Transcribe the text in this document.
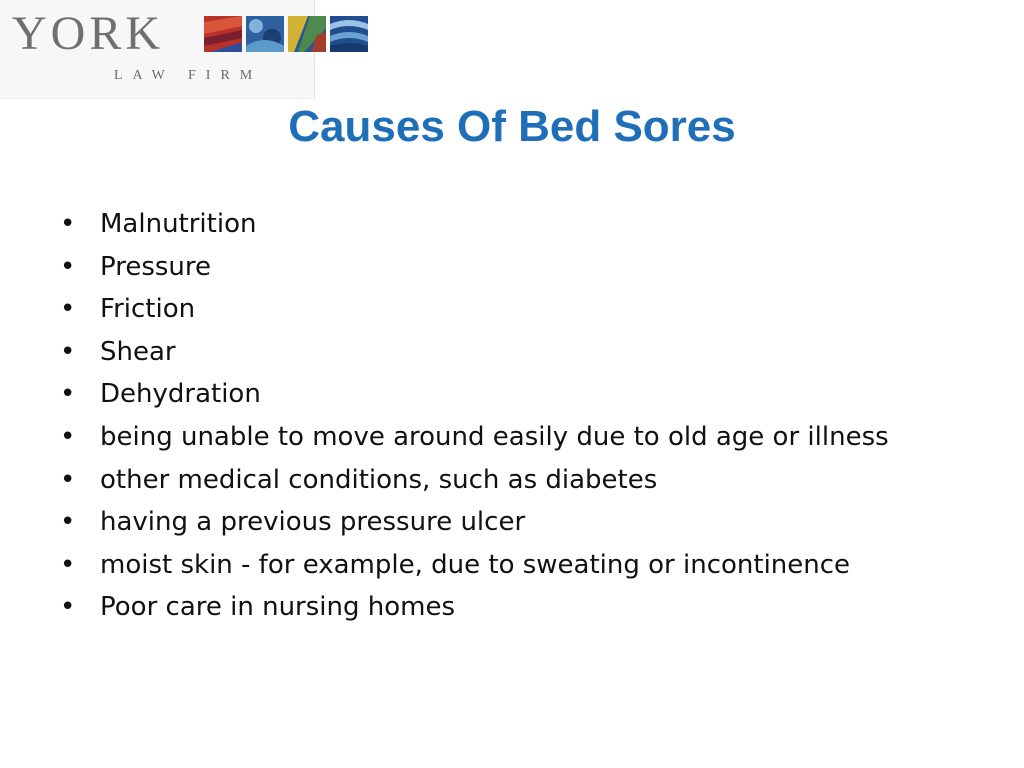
YORK
LAW FIRM
Causes Of Bed Sores
• Malnutrition
• Pressure
• Friction
• Shear
• Dehydration
• being unable to move around easily due to old age or illness
• other medical conditions, such as diabetes
• having a previous pressure ulcer
• moist skin - for example, due to sweating or incontinence
• Poor care in nursing homes
